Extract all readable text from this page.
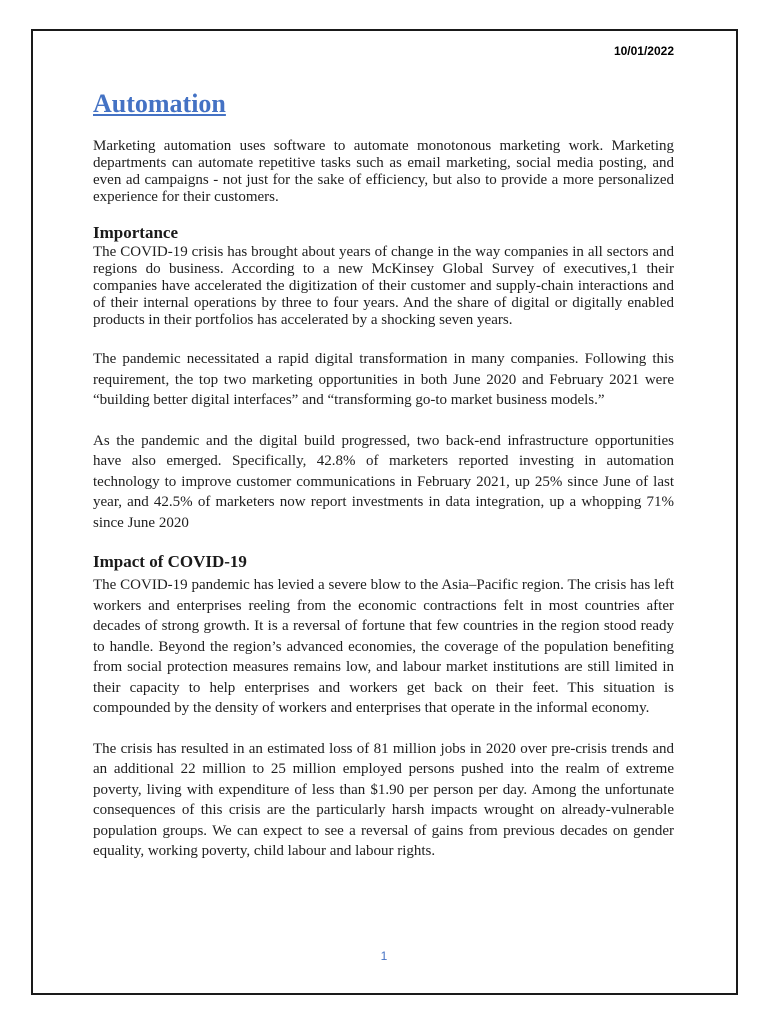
10/01/2022
Automation

Marketing automation uses software to automate monotonous marketing work. Marketing departments can automate repetitive tasks such as email marketing, social media posting, and even ad campaigns - not just for the sake of efficiency, but also to provide a more personalized experience for their customers.

Importance

The COVID-19 crisis has brought about years of change in the way companies in all sectors and regions do business. According to a new McKinsey Global Survey of executives,1 their companies have accelerated the digitization of their customer and supply-chain interactions and of their internal operations by three to four years. And the share of digital or digitally enabled products in their portfolios has accelerated by a shocking seven years.

The pandemic necessitated a rapid digital transformation in many companies. Following this requirement, the top two marketing opportunities in both June 2020 and February 2021 were “building better digital interfaces” and “transforming go-to market business models.”

As the pandemic and the digital build progressed, two back-end infrastructure opportunities have also emerged. Specifically, 42.8% of marketers reported investing in automation technology to improve customer communications in February 2021, up 25% since June of last year, and 42.5% of marketers now report investments in data integration, up a whopping 71% since June 2020

Impact of COVID-19

The COVID-19 pandemic has levied a severe blow to the Asia–Pacific region. The crisis has left workers and enterprises reeling from the economic contractions felt in most countries after decades of strong growth. It is a reversal of fortune that few countries in the region stood ready to handle. Beyond the region’s advanced economies, the coverage of the population benefiting from social protection measures remains low, and labour market institutions are still limited in their capacity to help enterprises and workers get back on their feet. This situation is compounded by the density of workers and enterprises that operate in the informal economy.

The crisis has resulted in an estimated loss of 81 million jobs in 2020 over pre-crisis trends and an additional 22 million to 25 million employed persons pushed into the realm of extreme poverty, living with expenditure of less than $1.90 per person per day. Among the unfortunate consequences of this crisis are the particularly harsh impacts wrought on already-vulnerable population groups. We can expect to see a reversal of gains from previous decades on gender equality, working poverty, child labour and labour rights.

1
